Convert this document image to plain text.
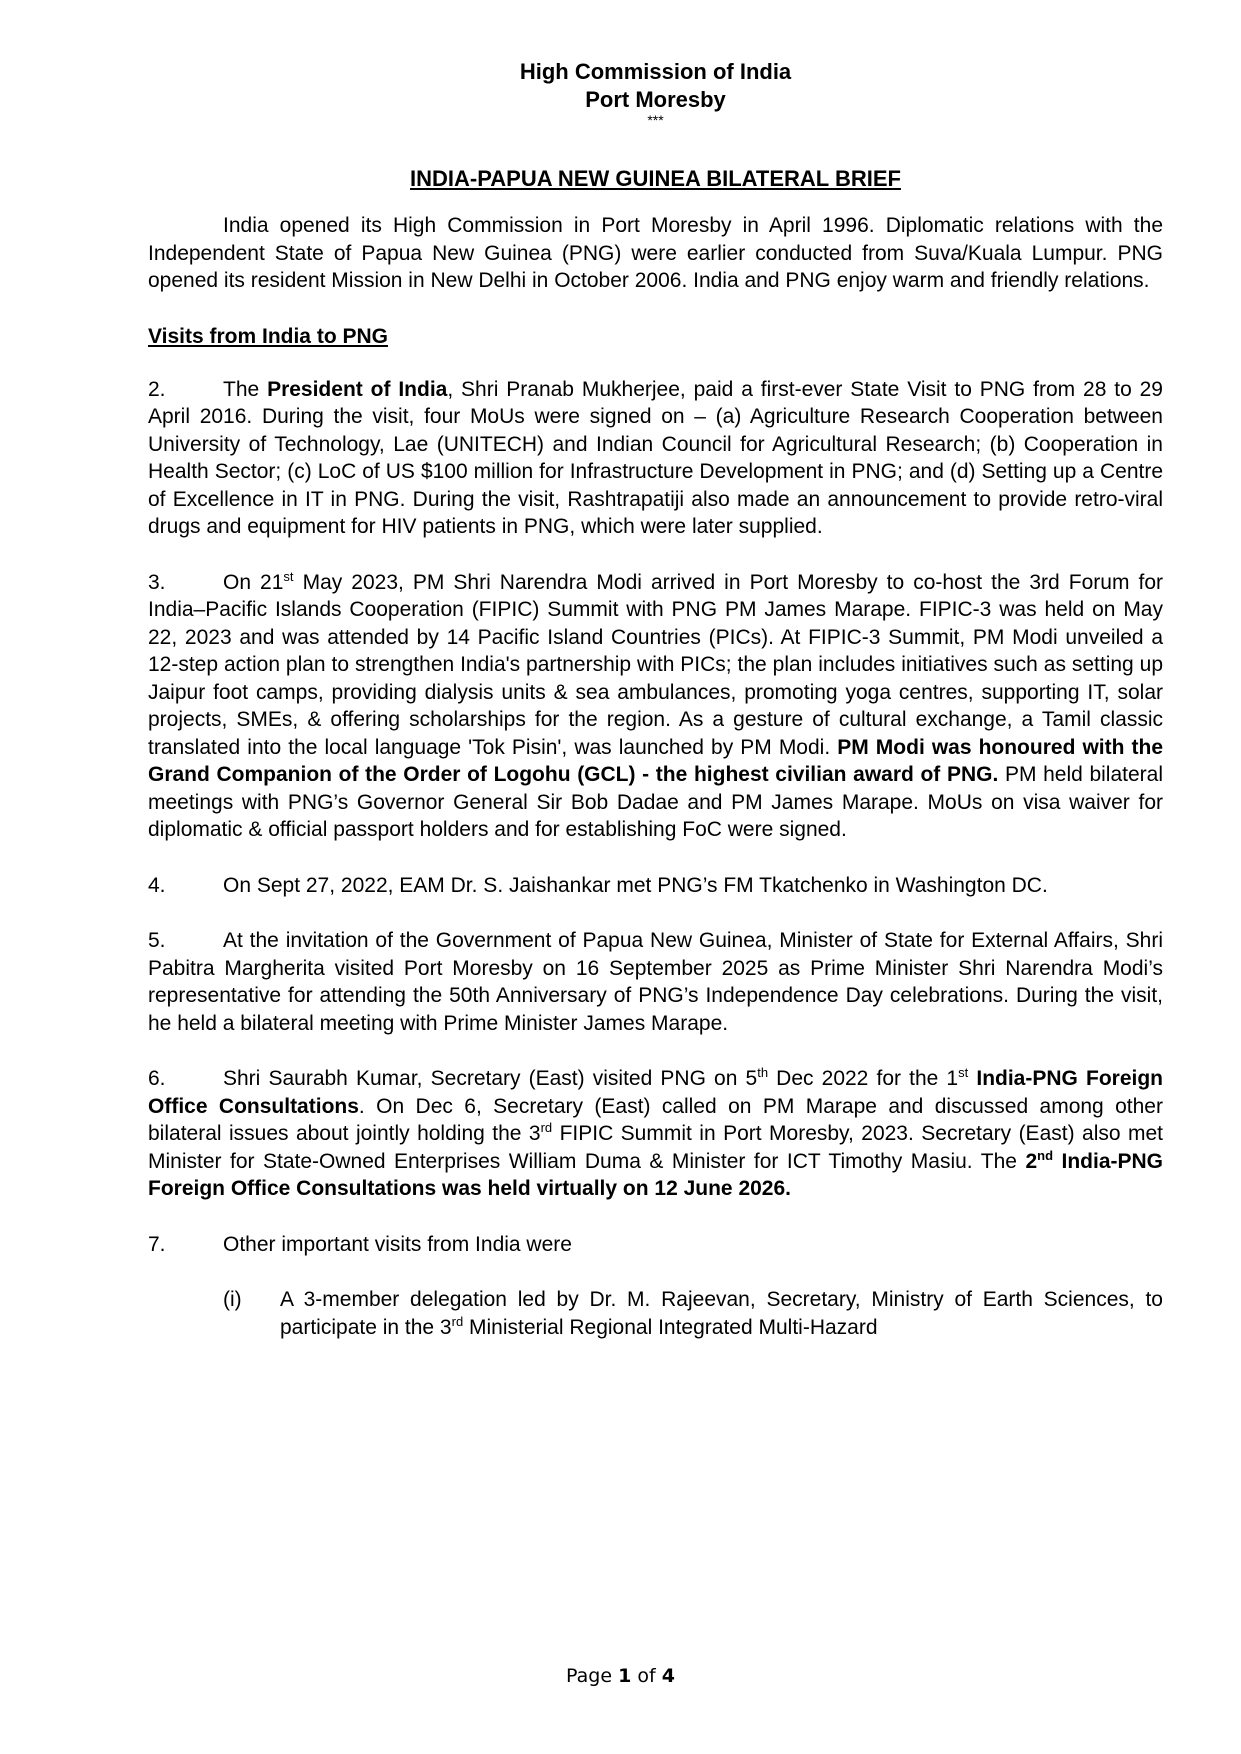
High Commission of India

Port Moresby

***

INDIA-PAPUA NEW GUINEA BILATERAL BRIEF

India opened its High Commission in Port Moresby in April 1996. Diplomatic relations with the Independent State of Papua New Guinea (PNG) were earlier conducted from Suva/Kuala Lumpur. PNG opened its resident Mission in New Delhi in October 2006. India and PNG enjoy warm and friendly relations.

Visits from India to PNG

2.	The President of India, Shri Pranab Mukherjee, paid a first-ever State Visit to PNG from 28 to 29 April 2016. During the visit, four MoUs were signed on – (a) Agriculture Research Cooperation between University of Technology, Lae (UNITECH) and Indian Council for Agricultural Research; (b) Cooperation in Health Sector; (c) LoC of US $100 million for Infrastructure Development in PNG; and (d) Setting up a Centre of Excellence in IT in PNG. During the visit, Rashtrapatiji also made an announcement to provide retro-viral drugs and equipment for HIV patients in PNG, which were later supplied.

3.	On 21st May 2023, PM Shri Narendra Modi arrived in Port Moresby to co-host the 3rd Forum for India–Pacific Islands Cooperation (FIPIC) Summit with PNG PM James Marape. FIPIC-3 was held on May 22, 2023 and was attended by 14 Pacific Island Countries (PICs). At FIPIC-3 Summit, PM Modi unveiled a 12-step action plan to strengthen India's partnership with PICs; the plan includes initiatives such as setting up Jaipur foot camps, providing dialysis units & sea ambulances, promoting yoga centres, supporting IT, solar projects, SMEs, & offering scholarships for the region. As a gesture of cultural exchange, a Tamil classic translated into the local language 'Tok Pisin', was launched by PM Modi. PM Modi was honoured with the Grand Companion of the Order of Logohu (GCL) - the highest civilian award of PNG. PM held bilateral meetings with PNG’s Governor General Sir Bob Dadae and PM James Marape. MoUs on visa waiver for diplomatic & official passport holders and for establishing FoC were signed.

4.	On Sept 27, 2022, EAM Dr. S. Jaishankar met PNG’s FM Tkatchenko in Washington DC.

5.	At the invitation of the Government of Papua New Guinea, Minister of State for External Affairs, Shri Pabitra Margherita visited Port Moresby on 16 September 2025 as Prime Minister Shri Narendra Modi’s representative for attending the 50th Anniversary of PNG’s Independence Day celebrations. During the visit, he held a bilateral meeting with Prime Minister James Marape.

6.	Shri Saurabh Kumar, Secretary (East) visited PNG on 5th Dec 2022 for the 1st India-PNG Foreign Office Consultations. On Dec 6, Secretary (East) called on PM Marape and discussed among other bilateral issues about jointly holding the 3rd FIPIC Summit in Port Moresby, 2023. Secretary (East) also met Minister for State-Owned Enterprises William Duma & Minister for ICT Timothy Masiu. The 2nd India-PNG Foreign Office Consultations was held virtually on 12 June 2026.

7.	Other important visits from India were

(i)	A 3-member delegation led by Dr. M. Rajeevan, Secretary, Ministry of Earth Sciences, to participate in the 3rd Ministerial Regional Integrated Multi-Hazard
Page 1 of 4
